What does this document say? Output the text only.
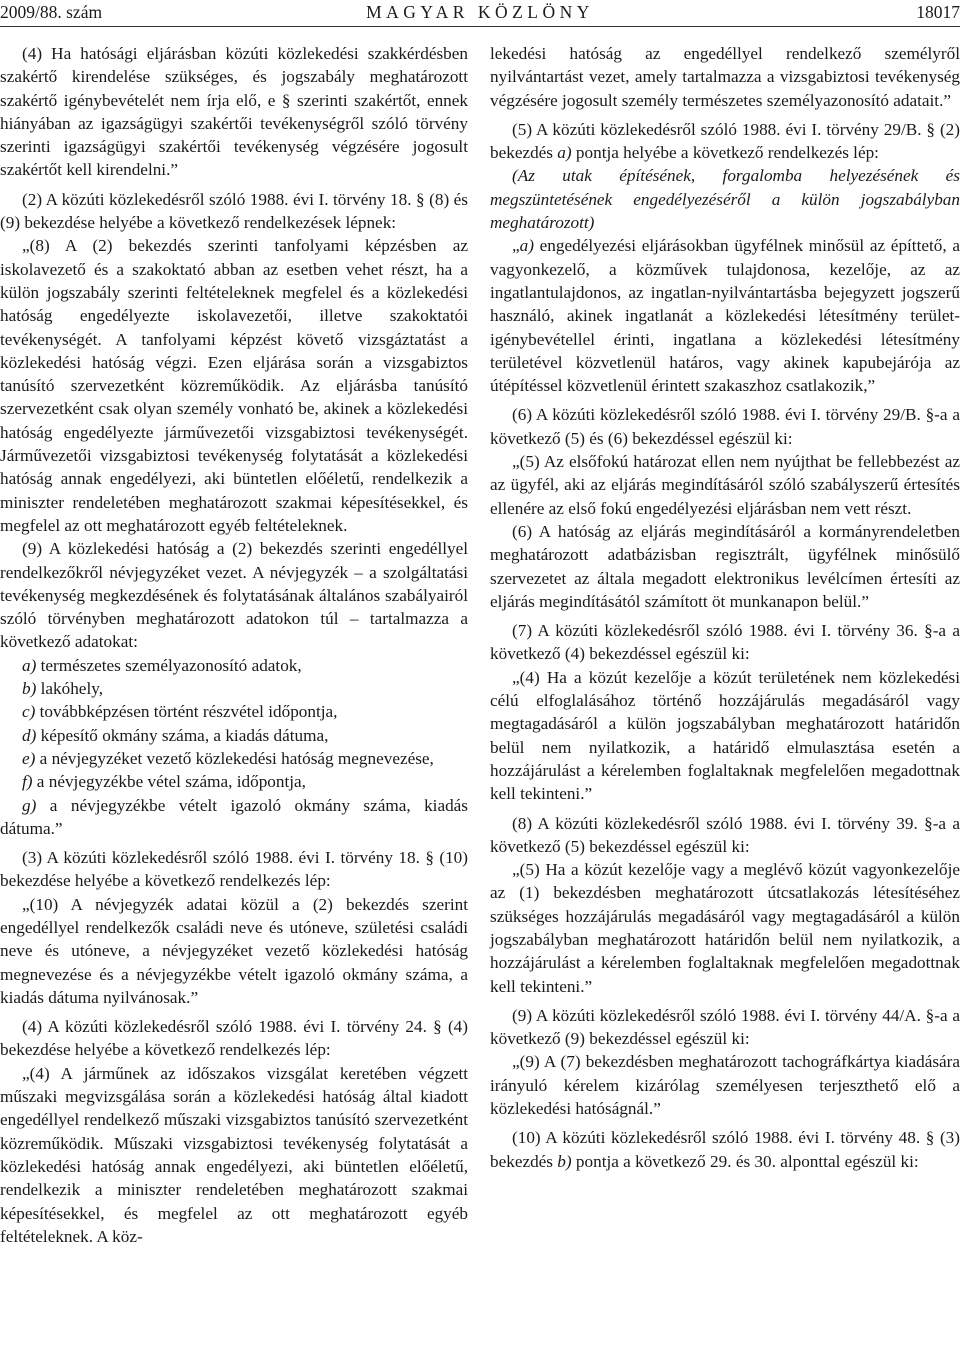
2009/88. szám	MAGYAR KÖZLÖNY	18017

(4) Ha hatósági eljárásban közúti közlekedési szakkérdésben szakértő kirendelése szükséges, és jogszabály meghatározott szakértő igénybevételét nem írja elő, e § szerinti szakértőt, ennek hiányában az igazságügyi szakértői tevékenységről szóló törvény szerinti igazságügyi szakértői tevékenység végzésére jogosult szakértőt kell kirendelni.”

(2) A közúti közlekedésről szóló 1988. évi I. törvény 18. § (8) és (9) bekezdése helyébe a következő rendelkezések lépnek:

„(8) A (2) bekezdés szerinti tanfolyami képzésben az iskolavezető és a szakoktató abban az esetben vehet részt, ha a külön jogszabály szerinti feltételeknek megfelel és a közlekedési hatóság engedélyezte iskolavezetői, illetve szakoktatói tevékenységét. A tanfolyami képzést követő vizsgáztatást a közlekedési hatóság végzi. Ezen eljárása során a vizsgabiztos tanúsító szervezetként közreműködik. Az eljárásba tanúsító szervezetként csak olyan személy vonható be, akinek a közlekedési hatóság engedélyezte járművezetői vizsgabiztosi tevékenységét. Járművezetői vizsgabiztosi tevékenység folytatását a közlekedési hatóság annak engedélyezi, aki büntetlen előéletű, rendelkezik a miniszter rendeletében meghatározott szakmai képesítésekkel, és megfelel az ott meghatározott egyéb feltételeknek.

(9) A közlekedési hatóság a (2) bekezdés szerinti engedéllyel rendelkezőkről névjegyzéket vezet. A névjegyzék – a szolgáltatási tevékenység megkezdésének és folytatásának általános szabályairól szóló törvényben meghatározott adatokon túl – tartalmazza a következő adatokat:

a) természetes személyazonosító adatok,

b) lakóhely,

c) továbbképzésen történt részvétel időpontja,

d) képesítő okmány száma, a kiadás dátuma,

e) a névjegyzéket vezető közlekedési hatóság megnevezése,

f) a névjegyzékbe vétel száma, időpontja,

g) a névjegyzékbe vételt igazoló okmány száma, kiadás dátuma.”

(3) A közúti közlekedésről szóló 1988. évi I. törvény 18. § (10) bekezdése helyébe a következő rendelkezés lép:

„(10) A névjegyzék adatai közül a (2) bekezdés szerint engedéllyel rendelkezők családi neve és utóneve, születési családi neve és utóneve, a névjegyzéket vezető közlekedési hatóság megnevezése és a névjegyzékbe vételt igazoló okmány száma, a kiadás dátuma nyilvánosak.”

(4) A közúti közlekedésről szóló 1988. évi I. törvény 24. § (4) bekezdése helyébe a következő rendelkezés lép:

„(4) A járműnek az időszakos vizsgálat keretében végzett műszaki megvizsgálása során a közlekedési hatóság által kiadott engedéllyel rendelkező műszaki vizsgabiztos tanúsító szervezetként közreműködik. Műszaki vizsgabiztosi tevékenység folytatását a közlekedési hatóság annak engedélyezi, aki büntetlen előéletű, rendelkezik a miniszter rendeletében meghatározott szakmai képesítésekkel, és megfelel az ott meghatározott egyéb feltételeknek. A köz-

lekedési hatóság az engedéllyel rendelkező személyről nyilvántartást vezet, amely tartalmazza a vizsgabiztosi tevékenység végzésére jogosult személy természetes személyazonosító adatait.”

(5) A közúti közlekedésről szóló 1988. évi I. törvény 29/B. § (2) bekezdés a) pontja helyébe a következő rendelkezés lép:

(Az utak építésének, forgalomba helyezésének és megszüntetésének engedélyezéséről a külön jogszabályban meghatározott)

„a) engedélyezési eljárásokban ügyfélnek minősül az építtető, a vagyonkezelő, a közművek tulajdonosa, kezelője, az az ingatlantulajdonos, az ingatlan-nyilvántartásba bejegyzett jogszerű használó, akinek ingatlanát a közlekedési létesítmény terület-igénybevétellel érinti, ingatlana a közlekedési létesítmény területével közvetlenül határos, vagy akinek kapubejárója az útépítéssel közvetlenül érintett szakaszhoz csatlakozik,”

(6) A közúti közlekedésről szóló 1988. évi I. törvény 29/B. §-a a következő (5) és (6) bekezdéssel egészül ki:

„(5) Az elsőfokú határozat ellen nem nyújthat be fellebbezést az az ügyfél, aki az eljárás megindításáról szóló szabályszerű értesítés ellenére az első fokú engedélyezési eljárásban nem vett részt.

(6) A hatóság az eljárás megindításáról a kormányrendeletben meghatározott adatbázisban regisztrált, ügyfélnek minősülő szervezetet az általa megadott elektronikus levélcímen értesíti az eljárás megindításától számított öt munkanapon belül.”

(7) A közúti közlekedésről szóló 1988. évi I. törvény 36. §-a a következő (4) bekezdéssel egészül ki:

„(4) Ha a közút kezelője a közút területének nem közlekedési célú elfoglalásához történő hozzájárulás megadásáról vagy megtagadásáról a külön jogszabályban meghatározott határidőn belül nem nyilatkozik, a határidő elmulasztása esetén a hozzájárulást a kérelemben foglaltaknak megfelelően megadottnak kell tekinteni.”

(8) A közúti közlekedésről szóló 1988. évi I. törvény 39. §-a a következő (5) bekezdéssel egészül ki:

„(5) Ha a közút kezelője vagy a meglévő közút vagyonkezelője az (1) bekezdésben meghatározott útcsatlakozás létesítéséhez szükséges hozzájárulás megadásáról vagy megtagadásáról a külön jogszabályban meghatározott határidőn belül nem nyilatkozik, a hozzájárulást a kérelemben foglaltaknak megfelelően megadottnak kell tekinteni.”

(9) A közúti közlekedésről szóló 1988. évi I. törvény 44/A. §-a a következő (9) bekezdéssel egészül ki:

„(9) A (7) bekezdésben meghatározott tachográfkártya kiadására irányuló kérelem kizárólag személyesen terjeszthető elő a közlekedési hatóságnál.”

(10) A közúti közlekedésről szóló 1988. évi I. törvény 48. § (3) bekezdés b) pontja a következő 29. és 30. alponttal egészül ki:
